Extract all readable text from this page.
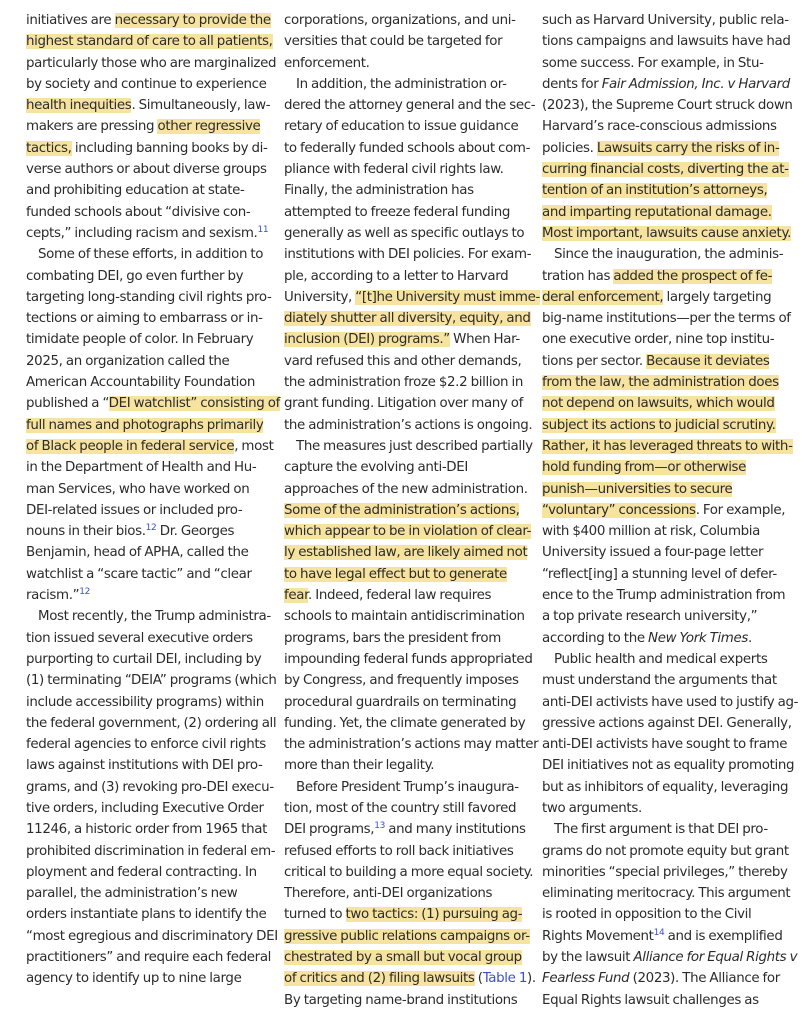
initiatives are necessary to provide the
highest standard of care to all patients,
particularly those who are marginalized
by society and continue to experience
health inequities. Simultaneously, law-
makers are pressing other regressive
tactics, including banning books by di-
verse authors or about diverse groups
and prohibiting education at state-
funded schools about “divisive con-
cepts,” including racism and sexism.$^{11}$
Some of these efforts, in addition to
combating DEI, go even further by
targeting long-standing civil rights pro-
tections or aiming to embarrass or in-
timidate people of color. In February
2025, an organization called the
American Accountability Foundation
published a “DEI watchlist” consisting of
full names and photographs primarily
of Black people in federal service, most
in the Department of Health and Hu-
man Services, who have worked on
DEI-related issues or included pro-
nouns in their bios.$^{12}$ Dr. Georges
Benjamin, head of APHA, called the
watchlist a “scare tactic” and “clear
racism.”$^{12}$
Most recently, the Trump administra-
tion issued several executive orders
purporting to curtail DEI, including by
(1) terminating “DEIA” programs (which
include accessibility programs) within
the federal government, (2) ordering all
federal agencies to enforce civil rights
laws against institutions with DEI pro-
grams, and (3) revoking pro-DEI execu-
tive orders, including Executive Order
11246, a historic order from 1965 that
prohibited discrimination in federal em-
ployment and federal contracting. In
parallel, the administration’s new
orders instantiate plans to identify the
“most egregious and discriminatory DEI
practitioners” and require each federal
agency to identify up to nine large
corporations, organizations, and uni-
versities that could be targeted for
enforcement.
In addition, the administration or-
dered the attorney general and the sec-
retary of education to issue guidance
to federally funded schools about com-
pliance with federal civil rights law.
Finally, the administration has
attempted to freeze federal funding
generally as well as specific outlays to
institutions with DEI policies. For exam-
ple, according to a letter to Harvard
University, “[t]he University must imme-
diately shutter all diversity, equity, and
inclusion (DEI) programs.” When Har-
vard refused this and other demands,
the administration froze $2.2 billion in
grant funding. Litigation over many of
the administration’s actions is ongoing.
The measures just described partially
capture the evolving anti-DEI
approaches of the new administration.
Some of the administration’s actions,
which appear to be in violation of clear-
ly established law, are likely aimed not
to have legal effect but to generate
fear. Indeed, federal law requires
schools to maintain antidiscrimination
programs, bars the president from
impounding federal funds appropriated
by Congress, and frequently imposes
procedural guardrails on terminating
funding. Yet, the climate generated by
the administration’s actions may matter
more than their legality.
Before President Trump’s inaugura-
tion, most of the country still favored
DEI programs,$^{13}$ and many institutions
refused efforts to roll back initiatives
critical to building a more equal society.
Therefore, anti-DEI organizations
turned to two tactics: (1) pursuing ag-
gressive public relations campaigns or-
chestrated by a small but vocal group
of critics and (2) filing lawsuits (Table 1).
By targeting name-brand institutions
such as Harvard University, public rela-
tions campaigns and lawsuits have had
some success. For example, in Stu-
dents for Fair Admission, Inc. v Harvard
(2023), the Supreme Court struck down
Harvard’s race-conscious admissions
policies. Lawsuits carry the risks of in-
curring financial costs, diverting the at-
tention of an institution’s attorneys,
and imparting reputational damage.
Most important, lawsuits cause anxiety.
Since the inauguration, the adminis-
tration has added the prospect of fe-
deral enforcement, largely targeting
big-name institutions—per the terms of
one executive order, nine top institu-
tions per sector. Because it deviates
from the law, the administration does
not depend on lawsuits, which would
subject its actions to judicial scrutiny.
Rather, it has leveraged threats to with-
hold funding from—or otherwise
punish—universities to secure
“voluntary” concessions. For example,
with $400 million at risk, Columbia
University issued a four-page letter
“reflect[ing] a stunning level of defer-
ence to the Trump administration from
a top private research university,”
according to the New York Times.
Public health and medical experts
must understand the arguments that
anti-DEI activists have used to justify ag-
gressive actions against DEI. Generally,
anti-DEI activists have sought to frame
DEI initiatives not as equality promoting
but as inhibitors of equality, leveraging
two arguments.
The first argument is that DEI pro-
grams do not promote equity but grant
minorities “special privileges,” thereby
eliminating meritocracy. This argument
is rooted in opposition to the Civil
Rights Movement$^{14}$ and is exemplified
by the lawsuit Alliance for Equal Rights v
Fearless Fund (2023). The Alliance for
Equal Rights lawsuit challenges as
